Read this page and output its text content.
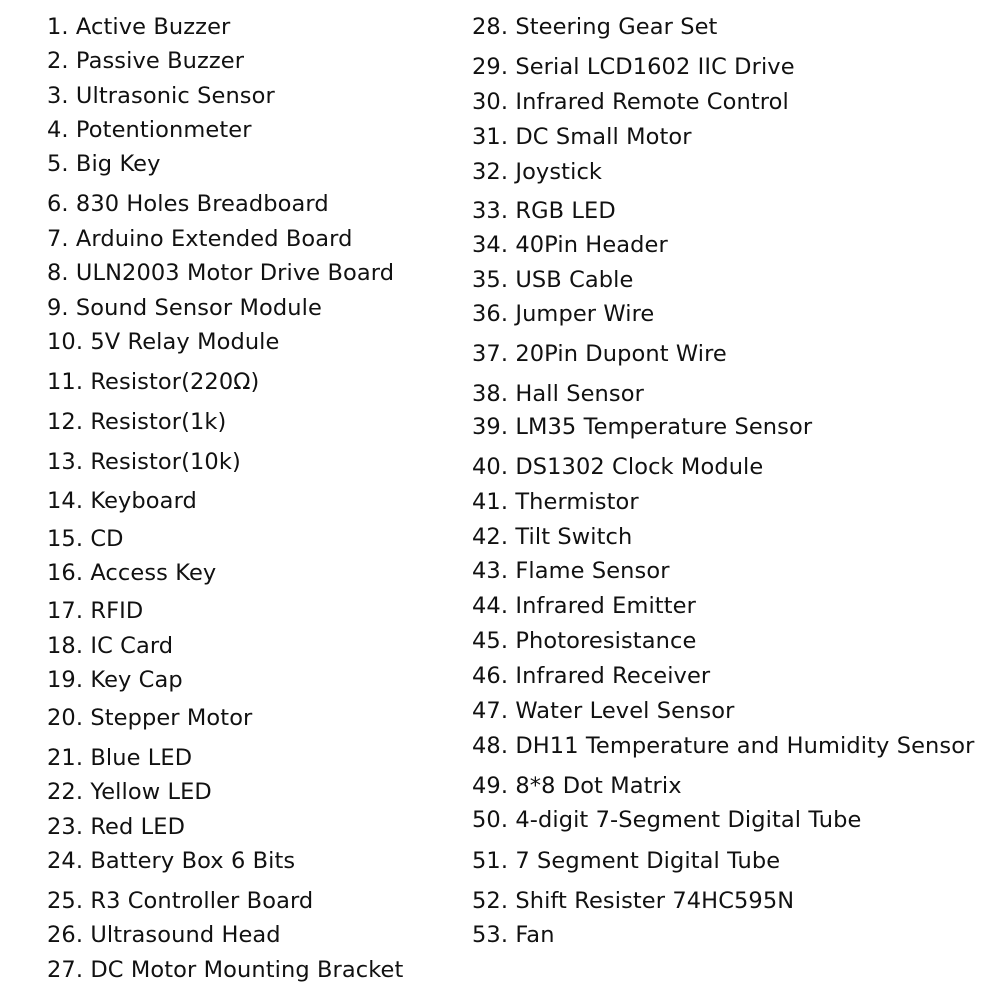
1. Active Buzzer
2. Passive Buzzer
3. Ultrasonic Sensor
4. Potentionmeter
5. Big Key
6. 830 Holes Breadboard
7. Arduino Extended Board
8. ULN2003 Motor Drive Board
9. Sound Sensor Module
10. 5V Relay Module
11. Resistor(220Ω)
12. Resistor(1k)
13. Resistor(10k)
14. Keyboard
15. CD
16. Access Key
17. RFID
18. IC Card
19. Key Cap
20. Stepper Motor
21. Blue LED
22. Yellow LED
23. Red LED
24. Battery Box 6 Bits
25. R3 Controller Board
26. Ultrasound Head
27. DC Motor Mounting Bracket
28. Steering Gear Set
29. Serial LCD1602 IIC Drive
30. Infrared Remote Control
31. DC Small Motor
32. Joystick
33. RGB LED
34. 40Pin Header
35. USB Cable
36. Jumper Wire
37. 20Pin Dupont Wire
38. Hall Sensor
39. LM35 Temperature Sensor
40. DS1302 Clock Module
41. Thermistor
42. Tilt Switch
43. Flame Sensor
44. Infrared Emitter
45. Photoresistance
46. Infrared Receiver
47. Water Level Sensor
48. DH11 Temperature and Humidity Sensor
49. 8*8 Dot Matrix
50. 4-digit 7-Segment Digital Tube
51. 7 Segment Digital Tube
52. Shift Resister 74HC595N
53. Fan
